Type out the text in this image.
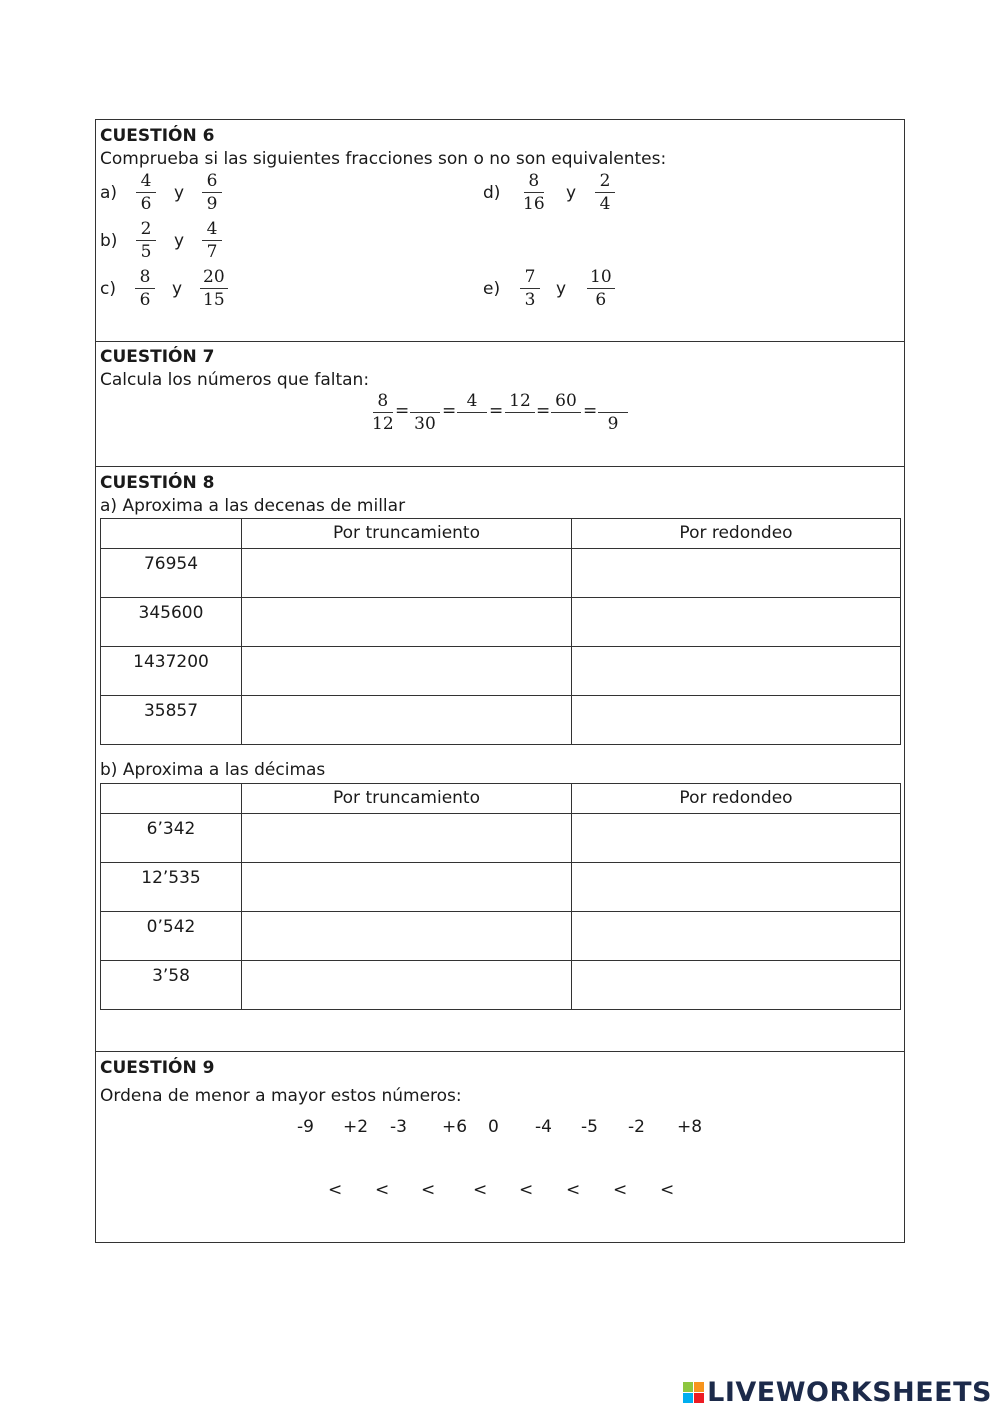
CUESTIÓN 6
Comprueba si las siguientes fracciones son o no son equivalentes:
$a) \frac{4}{6}$ y $\frac{6}{9}$
$b) \frac{2}{5}$ y $\frac{4}{7}$
$c) \frac{8}{6}$ y $\frac{20}{15}$
$d) \frac{8}{16}$ y $\frac{2}{4}$
$e) \frac{7}{3}$ y $\frac{10}{6}$
CUESTIÓN 7
Calcula los números que faltan:
$\frac{8}{12}$
=
30
= 4 = 12 = 60 =
9
CUESTIÓN 8
a) Aproxima a las decenas de millar
	Por truncamiento	Por redondeo
76954		
345600		
1437200		
35857		
b) Aproxima a las décimas
	Por truncamiento	Por redondeo
6’342		
12’535		
0’542		
3’58		
CUESTIÓN 9
Ordena de menor a mayor estos números:
-9 +2 -3 +6 0 -4 -5 -2 +8
< < < < < < < <
LIVEWORKSHEETS
